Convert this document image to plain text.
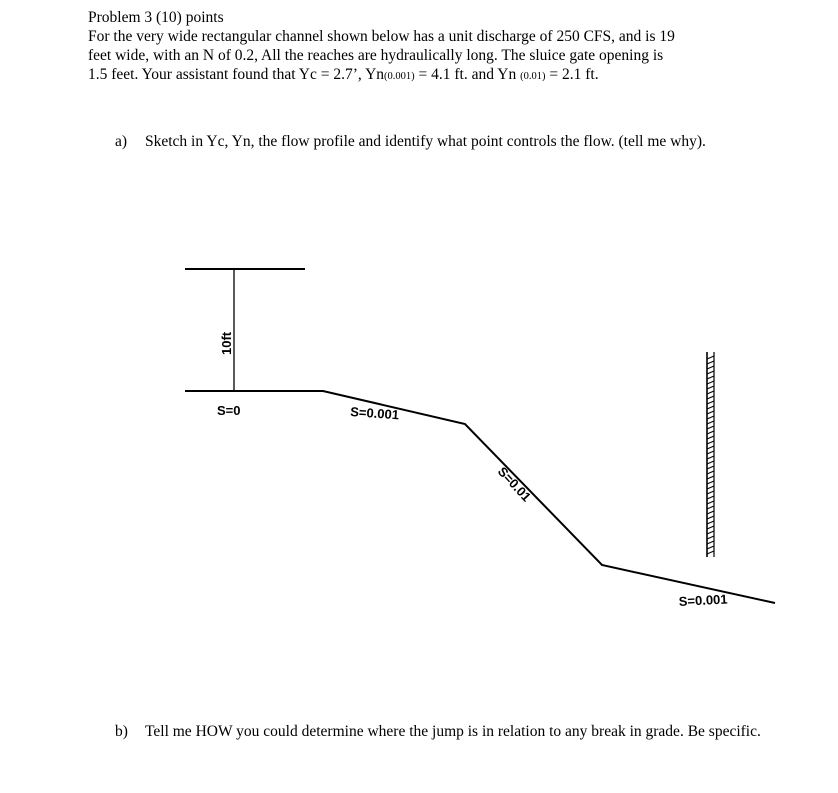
Problem 3 (10) points
For the very wide rectangular channel shown below has a unit discharge of 250 CFS, and is 19
feet wide, with an N of 0.2, All the reaches are hydraulically long. The sluice gate opening is
1.5 feet. Your assistant found that Yc = 2.7’, Yn(0.001) = 4.1 ft. and Yn (0.01) = 2.1 ft.
a) Sketch in Yc, Yn, the flow profile and identify what point controls the flow. (tell me why).
10ft
S=0	S=0.001
S=0.01
S=0.001
b) Tell me HOW you could determine where the jump is in relation to any break in grade. Be specific.
